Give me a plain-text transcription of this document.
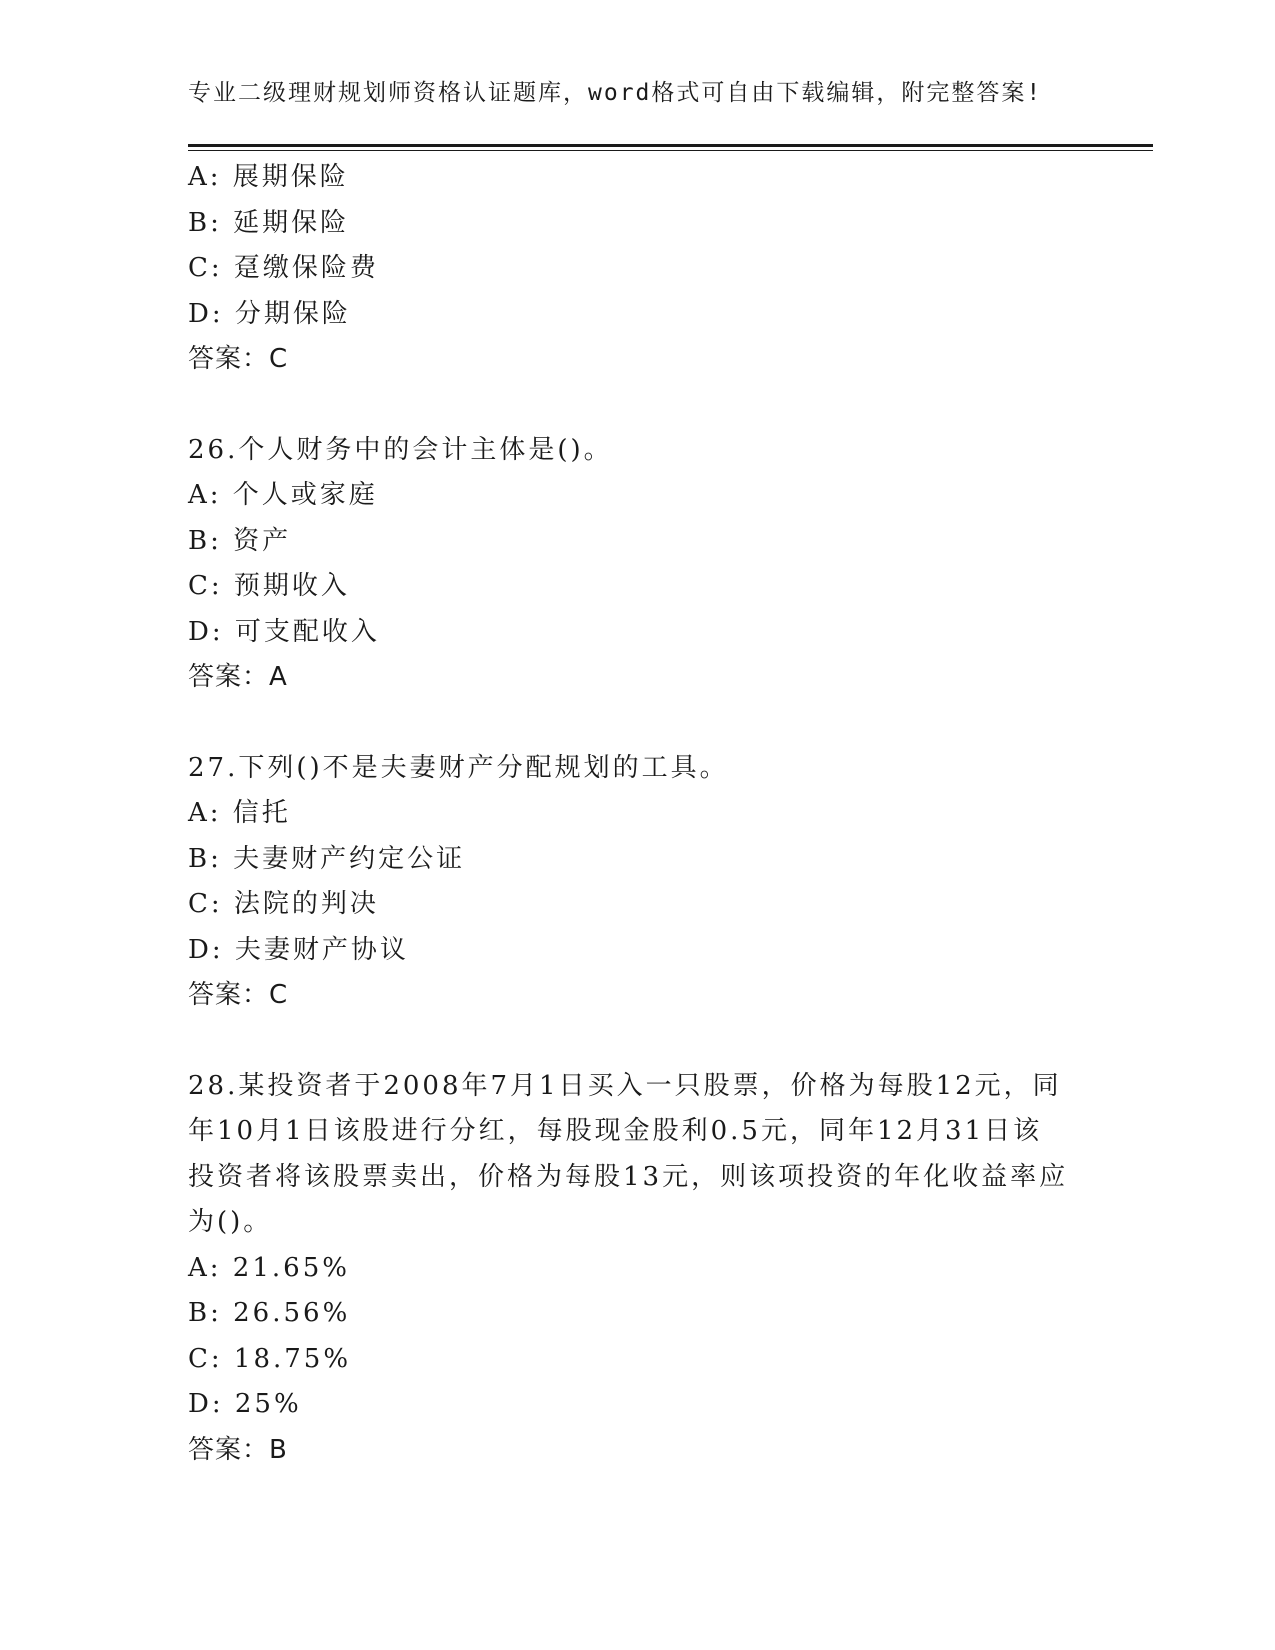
专业二级理财规划师资格认证题库，word格式可自由下载编辑，附完整答案!
A: 展期保险
B: 延期保险
C: 趸缴保险费
D: 分期保险
答案：C
26.个人财务中的会计主体是()。
A: 个人或家庭
B: 资产
C: 预期收入
D: 可支配收入
答案：A
27.下列()不是夫妻财产分配规划的工具。
A: 信托
B: 夫妻财产约定公证
C: 法院的判决
D: 夫妻财产协议
答案：C
28.某投资者于2008年7月1日买入一只股票，价格为每股12元，同
年10月1日该股进行分红，每股现金股利0.5元，同年12月31日该
投资者将该股票卖出，价格为每股13元，则该项投资的年化收益率应
为()。
A: 21.65%
B: 26.56%
C: 18.75%
D: 25%
答案：B
